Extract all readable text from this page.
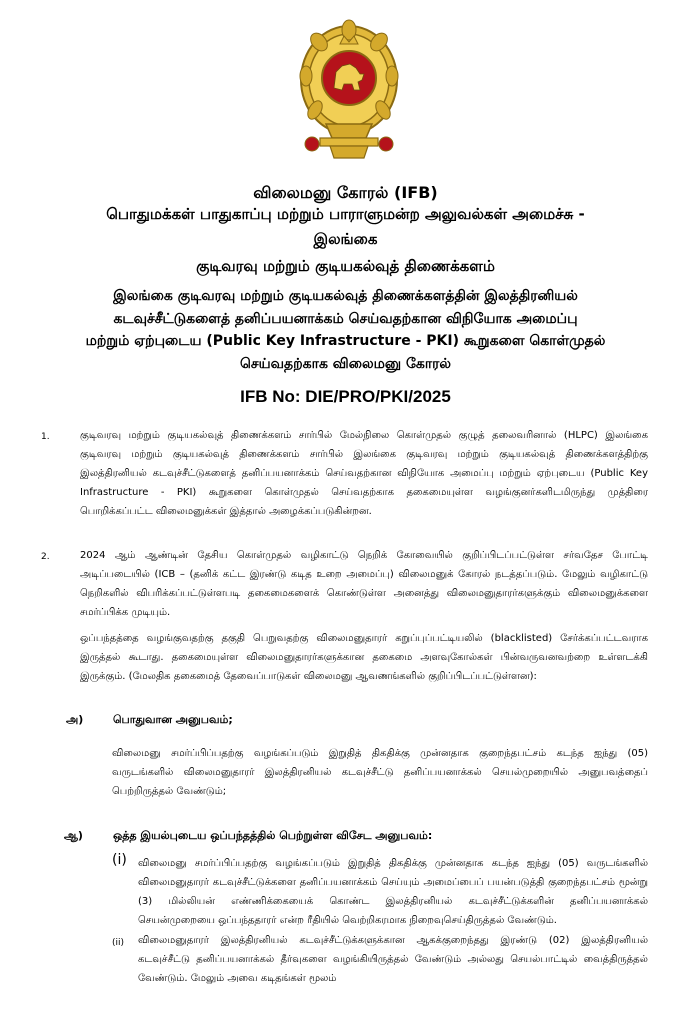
விலைமனு கோரல் (IFB)
பொதுமக்கள் பாதுகாப்பு மற்றும் பாராளுமன்ற அலுவல்கள் அமைச்சு -
இலங்கை
குடிவரவு மற்றும் குடியகல்வுத் திணைக்களம்
இலங்கை குடிவரவு மற்றும் குடியகல்வுத் திணைக்களத்தின் இலத்திரனியல்
கடவுச்சீட்டுகளைத் தனிப்பயனாக்கம் செய்வதற்கான விநியோக அமைப்பு
மற்றும் ஏற்புடைய (Public Key Infrastructure - PKI) கூறுகளை கொள்முதல்
செய்வதற்காக விலைமனு கோரல்
IFB No: DIE/PRO/PKI/2025
1.	குடிவரவு மற்றும் குடியகல்வுத் திணைக்களம் சார்பில் மேல்நிலை கொள்முதல் குழுத் தலைவரினால் (HLPC) இலங்கை குடிவரவு மற்றும் குடியகல்வுத் திணைக்களம் சார்பில் இலங்கை குடிவரவு மற்றும் குடியகல்வுத் திணைக்களத்திற்கு இலத்திரனியல் கடவுச்சீட்டுகளைத் தனிப்பயனாக்கம் செய்வதற்கான விநியோக அமைப்பு மற்றும் ஏற்புடைய (Public Key Infrastructure - PKI) கூறுகளை கொள்முதல் செய்வதற்காக தகைமையுள்ள வழங்குனர்களிடமிருந்து முத்திரை பொறிக்கப்பட்ட விலைமனுக்கள் இத்தால் அழைக்கப்படுகின்றன.
2.	2024 ஆம் ஆண்டின் தேசிய கொள்முதல் வழிகாட்டு நெறிக் கோவையில் குறிப்பிடப்பட்டுள்ள சர்வதேச போட்டி அடிப்படையில் (ICB – (தனிக் கட்ட இரண்டு கடித உறை அமைப்பு) விலைமனுக் கோரல் நடத்தப்படும். மேலும் வழிகாட்டு நெறிகளில் விபரிக்கப்பட்டுள்ளபடி தகைமைகளைக் கொண்டுள்ள அனைத்து விலைமனுதாரர்களுக்கும் விலைமனுக்களை சமர்ப்பிக்க முடியும்.
ஒப்பந்தத்தை வழங்குவதற்கு தகுதி பெறுவதற்கு விலைமனுதாரர் கறுப்புப்பட்டியலில் (blacklisted) சேர்க்கப்பட்டவராக இருத்தல் கூடாது. தகைமையுள்ள விலைமனுதாரர்களுக்கான தகைமை அளவுகோல்கள் பின்வருவனவற்றை உள்ளடக்கி இருக்கும். (மேலதிக தகைமைத் தேவைப்பாடுகள் விலைமனு ஆவணங்களில் குறிப்பிடப்பட்டுள்ளன):
அ)	பொதுவான அனுபவம்;
விலைமனு சமர்ப்பிப்பதற்கு வழங்கப்படும் இறுதித் திகதிக்கு முன்னதாக குறைந்தபட்சம் கடந்த ஐந்து (05) வருடங்களில் விலைமனுதாரர் இலத்திரனியல் கடவுச்சீட்டு தனிப்பயனாக்கல் செயல்முறையில் அனுபவத்தைப் பெற்றிருத்தல் வேண்டும்;
ஆ)	ஒத்த இயல்புடைய ஒப்பந்தத்தில் பெற்றுள்ள விசேட அனுபவம்:
(i) விலைமனு சமர்ப்பிப்பதற்கு வழங்கப்படும் இறுதித் திகதிக்கு முன்னதாக கடந்த ஐந்து (05) வருடங்களில் விலைமனுதாரர் கடவுச்சீட்டுக்களை தனிப்பயனாக்கம் செய்யும் அமைப்பைப் பயன்படுத்தி குறைந்தபட்சம் மூன்று (3) மில்லியன் எண்ணிக்கையைக் கொண்ட இலத்திரனியல் கடவுச்சீட்டுக்களின் தனிப்பயனாக்கல் செயன்முறையை ஒப்பந்ததாரர் என்ற ரீதியில் வெற்றிகரமாக நிறைவுசெய்திருத்தல் வேண்டும்.
(ii) விலைமனுதாரர் இலத்திரனியல் கடவுச்சீட்டுக்களுக்கான ஆகக்குறைந்தது இரண்டு (02) இலத்திரனியல் கடவுச்சீட்டு தனிப்பயனாக்கல் தீர்வுகளை வழங்கியிருத்தல் வேண்டும் அல்லது செயல்பாட்டில் வைத்திருத்தல் வேண்டும். மேலும் அவை கடிதங்கள் மூலம்
